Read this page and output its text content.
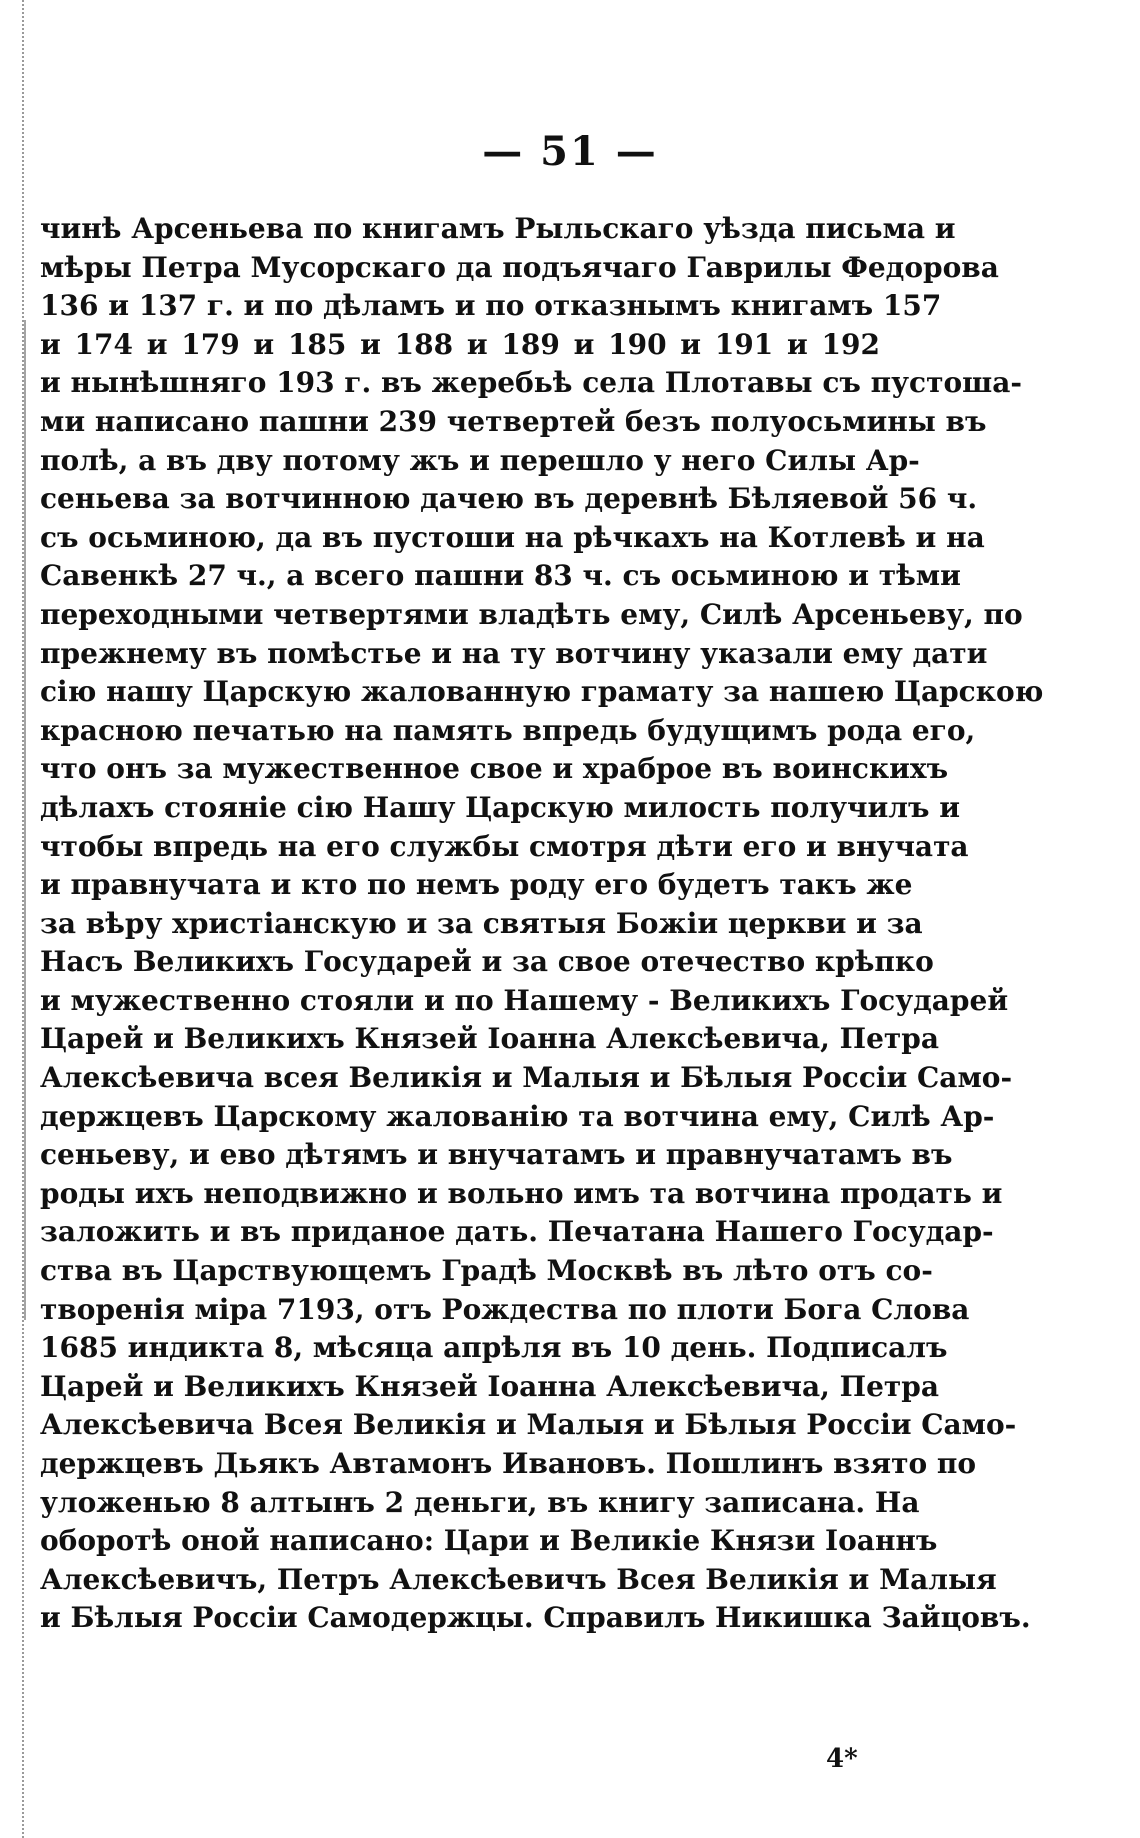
— 51 —
чинѣ Арсеньева по книгамъ Рыльскаго уѣзда письма и
мѣры Петра Мусорскаго да подъячаго Гаврилы Федорова
136 и 137 г. и по дѣламъ и по отказнымъ книгамъ 157
и 174 и 179 и 185 и 188 и 189 и 190 и 191 и 192
и нынѣшняго 193 г. въ жеребьѣ села Плотавы съ пустоша-
ми написано пашни 239 четвертей безъ полуосьмины въ
полѣ, а въ дву потому жъ и перешло у него Силы Ар-
сеньева за вотчинною дачею въ деревнѣ Бѣляевой 56 ч.
съ осьминою, да въ пустоши на рѣчкахъ на Котлевѣ и на
Савенкѣ 27 ч., а всего пашни 83 ч. съ осьминою и тѣми
переходными четвертями владѣть ему, Силѣ Арсеньеву, по
прежнему въ помѣстье и на ту вотчину указали ему дати
сiю нашу Царскую жалованную грамату за нашею Царскою
красною печатью на память впредь будущимъ рода его,
что онъ за мужественное свое и храброе въ воинскихъ
дѣлахъ стоянiе сiю Нашу Царскую милость получилъ и
чтобы впредь на его службы смотря дѣти его и внучата
и правнучата и кто по немъ роду его будетъ такъ же
за вѣру христiанскую и за святыя Божiи церкви и за
Насъ Великихъ Государей и за свое отечество крѣпко
и мужественно стояли и по Нашему - Великихъ Государей
Царей и Великихъ Князей Iоанна Алексѣевича, Петра
Алексѣевича всея Великiя и Малыя и Бѣлыя Россiи Само-
держцевъ Царскому жалованiю та вотчина ему, Силѣ Ар-
сеньеву, и ево дѣтямъ и внучатамъ и правнучатамъ въ
роды ихъ неподвижно и вольно имъ та вотчина продать и
заложить и въ приданое дать. Печатана Нашего Государ-
ства въ Царствующемъ Градѣ Москвѣ въ лѣто отъ со-
творенiя мiра 7193, отъ Рождества по плоти Бога Слова
1685 индикта 8, мѣсяца апрѣля въ 10 день. Подписалъ
Царей и Великихъ Князей Iоанна Алексѣевича, Петра
Алексѣевича Всея Великiя и Малыя и Бѣлыя Россiи Само-
держцевъ Дьякъ Автамонъ Ивановъ. Пошлинъ взято по
уложенью 8 алтынъ 2 деньги, въ книгу записана. На
оборотѣ оной написано: Цари и Великiе Князи Iоаннъ
Алексѣевичъ, Петръ Алексѣевичъ Всея Великiя и Малыя
и Бѣлыя Россiи Самодержцы. Справилъ Никишка Зайцовъ.
4*
